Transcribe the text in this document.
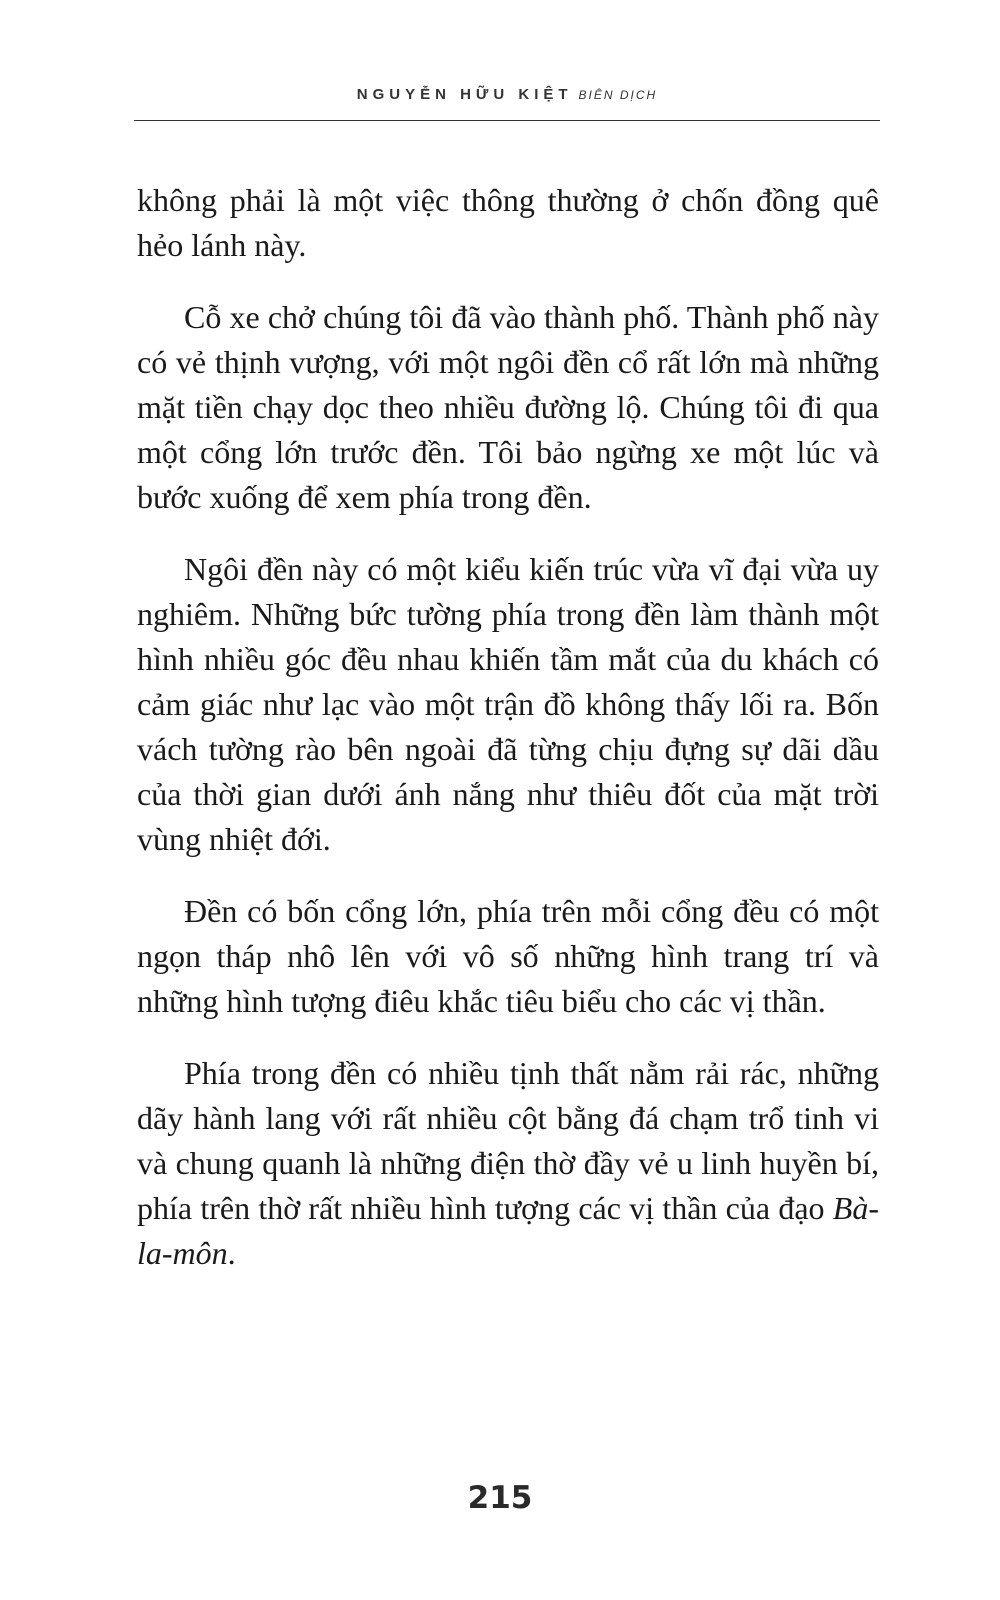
NGUYỄN HỮU KIỆT BIÊN DỊCH

không phải là một việc thông thường ở chốn đồng quê hẻo lánh này.

Cỗ xe chở chúng tôi đã vào thành phố. Thành phố này có vẻ thịnh vượng, với một ngôi đền cổ rất lớn mà những mặt tiền chạy dọc theo nhiều đường lộ. Chúng tôi đi qua một cổng lớn trước đền. Tôi bảo ngừng xe một lúc và bước xuống để xem phía trong đền.

Ngôi đền này có một kiểu kiến trúc vừa vĩ đại vừa uy nghiêm. Những bức tường phía trong đền làm thành một hình nhiều góc đều nhau khiến tầm mắt của du khách có cảm giác như lạc vào một trận đồ không thấy lối ra. Bốn vách tường rào bên ngoài đã từng chịu đựng sự dãi dầu của thời gian dưới ánh nắng như thiêu đốt của mặt trời vùng nhiệt đới.

Đền có bốn cổng lớn, phía trên mỗi cổng đều có một ngọn tháp nhô lên với vô số những hình trang trí và những hình tượng điêu khắc tiêu biểu cho các vị thần.

Phía trong đền có nhiều tịnh thất nằm rải rác, những dãy hành lang với rất nhiều cột bằng đá chạm trổ tinh vi và chung quanh là những điện thờ đầy vẻ u linh huyền bí, phía trên thờ rất nhiều hình tượng các vị thần của đạo Bà-la-môn.

215
